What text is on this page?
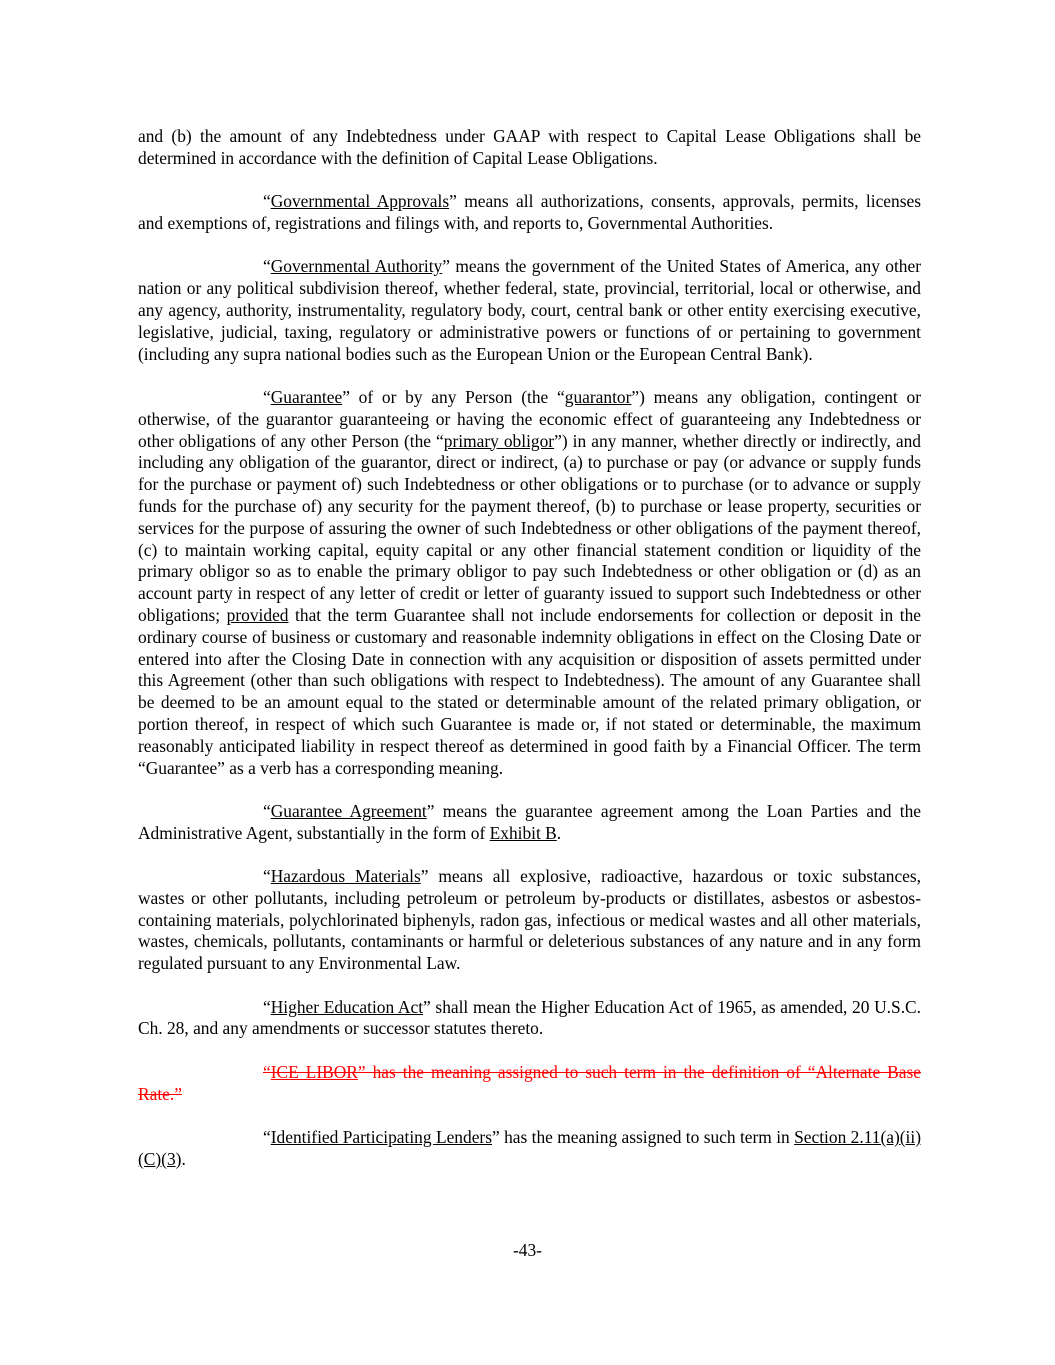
and (b) the amount of any Indebtedness under GAAP with respect to Capital Lease Obligations shall be determined in accordance with the definition of Capital Lease Obligations.

“Governmental Approvals” means all authorizations, consents, approvals, permits, licenses and exemptions of, registrations and filings with, and reports to, Governmental Authorities.

“Governmental Authority” means the government of the United States of America, any other nation or any political subdivision thereof, whether federal, state, provincial, territorial, local or otherwise, and any agency, authority, instrumentality, regulatory body, court, central bank or other entity exercising executive, legislative, judicial, taxing, regulatory or administrative powers or functions of or pertaining to government (including any supra national bodies such as the European Union or the European Central Bank).

“Guarantee” of or by any Person (the “guarantor”) means any obligation, contingent or otherwise, of the guarantor guaranteeing or having the economic effect of guaranteeing any Indebtedness or other obligations of any other Person (the “primary obligor”) in any manner, whether directly or indirectly, and including any obligation of the guarantor, direct or indirect, (a) to purchase or pay (or advance or supply funds for the purchase or payment of) such Indebtedness or other obligations or to purchase (or to advance or supply funds for the purchase of) any security for the payment thereof, (b) to purchase or lease property, securities or services for the purpose of assuring the owner of such Indebtedness or other obligations of the payment thereof, (c) to maintain working capital, equity capital or any other financial statement condition or liquidity of the primary obligor so as to enable the primary obligor to pay such Indebtedness or other obligation or (d) as an account party in respect of any letter of credit or letter of guaranty issued to support such Indebtedness or other obligations; provided that the term Guarantee shall not include endorsements for collection or deposit in the ordinary course of business or customary and reasonable indemnity obligations in effect on the Closing Date or entered into after the Closing Date in connection with any acquisition or disposition of assets permitted under this Agreement (other than such obligations with respect to Indebtedness). The amount of any Guarantee shall be deemed to be an amount equal to the stated or determinable amount of the related primary obligation, or portion thereof, in respect of which such Guarantee is made or, if not stated or determinable, the maximum reasonably anticipated liability in respect thereof as determined in good faith by a Financial Officer. The term “Guarantee” as a verb has a corresponding meaning.

“Guarantee Agreement” means the guarantee agreement among the Loan Parties and the Administrative Agent, substantially in the form of Exhibit B.

“Hazardous Materials” means all explosive, radioactive, hazardous or toxic substances, wastes or other pollutants, including petroleum or petroleum by-products or distillates, asbestos or asbestos-containing materials, polychlorinated biphenyls, radon gas, infectious or medical wastes and all other materials, wastes, chemicals, pollutants, contaminants or harmful or deleterious substances of any nature and in any form regulated pursuant to any Environmental Law.

“Higher Education Act” shall mean the Higher Education Act of 1965, as amended, 20 U.S.C. Ch. 28, and any amendments or successor statutes thereto.

“ICE LIBOR” has the meaning assigned to such term in the definition of “Alternate Base Rate.”

“Identified Participating Lenders” has the meaning assigned to such term in Section 2.11(a)(ii)(C)(3).

-43-
